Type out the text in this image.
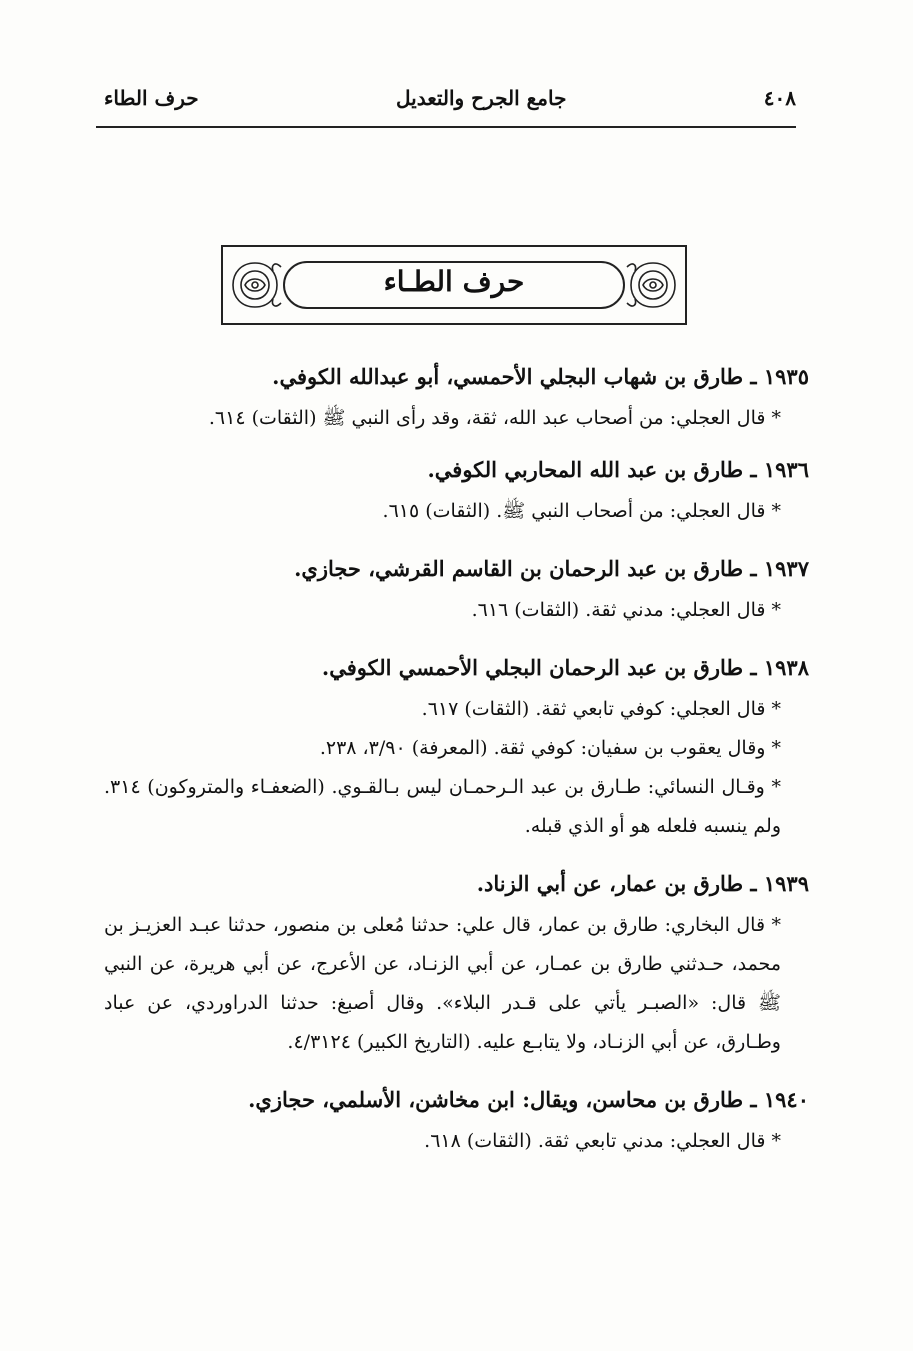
٤٠٨
جامع الجرح والتعديل
حرف الطاء
حرف الطـاء
١٩٣٥ ـ طارق بن شهاب البجلي الأحمسي، أبو عبدالله الكوفي.
* قال العجلي: من أصحاب عبد الله، ثقة، وقد رأى النبي ﷺ (الثقات) ٦١٤.
١٩٣٦ ـ طارق بن عبد الله المحاربي الكوفي.
* قال العجلي: من أصحاب النبي ﷺ. (الثقات) ٦١٥.
١٩٣٧ ـ طارق بن عبد الرحمان بن القاسم القرشي، حجازي.
* قال العجلي: مدني ثقة. (الثقات) ٦١٦.
١٩٣٨ ـ طارق بن عبد الرحمان البجلي الأحمسي الكوفي.
* قال العجلي: كوفي تابعي ثقة. (الثقات) ٦١٧.
* وقال يعقوب بن سفيان: كوفي ثقة. (المعرفة) ٣/٩٠، ٢٣٨.
* وقـال النسائي: طـارق بن عبد الـرحمـان ليس بـالقـوي. (الضعفـاء والمتروكون) ٣١٤. ولم ينسبه فلعله هو أو الذي قبله.
١٩٣٩ ـ طارق بن عمار، عن أبي الزناد.
* قال البخاري: طارق بن عمار، قال علي: حدثنا مُعلى بن منصور، حدثنا عبـد العزيـز بن محمد، حـدثني طارق بن عمـار، عن أبي الزنـاد، عن الأعرج، عن أبي هريرة، عن النبي ﷺ قال: «الصبـر يأتي على قـدر البلاء». وقال أصبغ: حدثنا الدراوردي، عن عباد وطـارق، عن أبي الزنـاد، ولا يتابـع عليه. (التاريخ الكبير) ٤/٣١٢٤.
١٩٤٠ ـ طارق بن محاسن، ويقال: ابن مخاشن، الأسلمي، حجازي.
* قال العجلي: مدني تابعي ثقة. (الثقات) ٦١٨.
